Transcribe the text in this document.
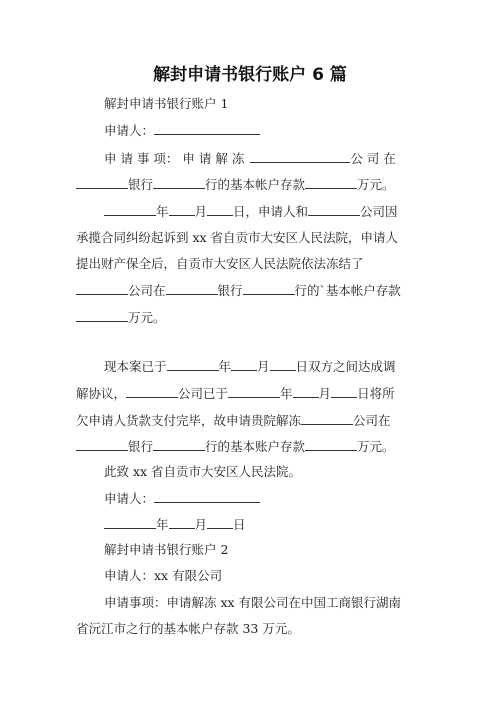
解封申请书银行账户 6 篇
解封申请书银行账户 1
申请人：
申 请 事 项： 申 请 解 冻	公 司 在
银行	行的基本帐户存款	万元。
年 月 日，申请人和	公司因
承揽合同纠纷起诉到 xx 省自贡市大安区人民法院，申请人
提出财产保全后，自贡市大安区人民法院依法冻结了
公司在	银行	行的`基本帐户存款
万元。
现本案已于	年 月 日双方之间达成调
解协议，	公司已于	年 月 日将所
欠申请人货款支付完毕，故申请贵院解冻	公司在
银行	行的基本账户存款	万元。
此致 xx 省自贡市大安区人民法院。
申请人：
年 月 日
解封申请书银行账户 2
申请人：xx 有限公司
申请事项：申请解冻 xx 有限公司在中国工商银行湖南
省沅江市之行的基本帐户存款 33 万元。
